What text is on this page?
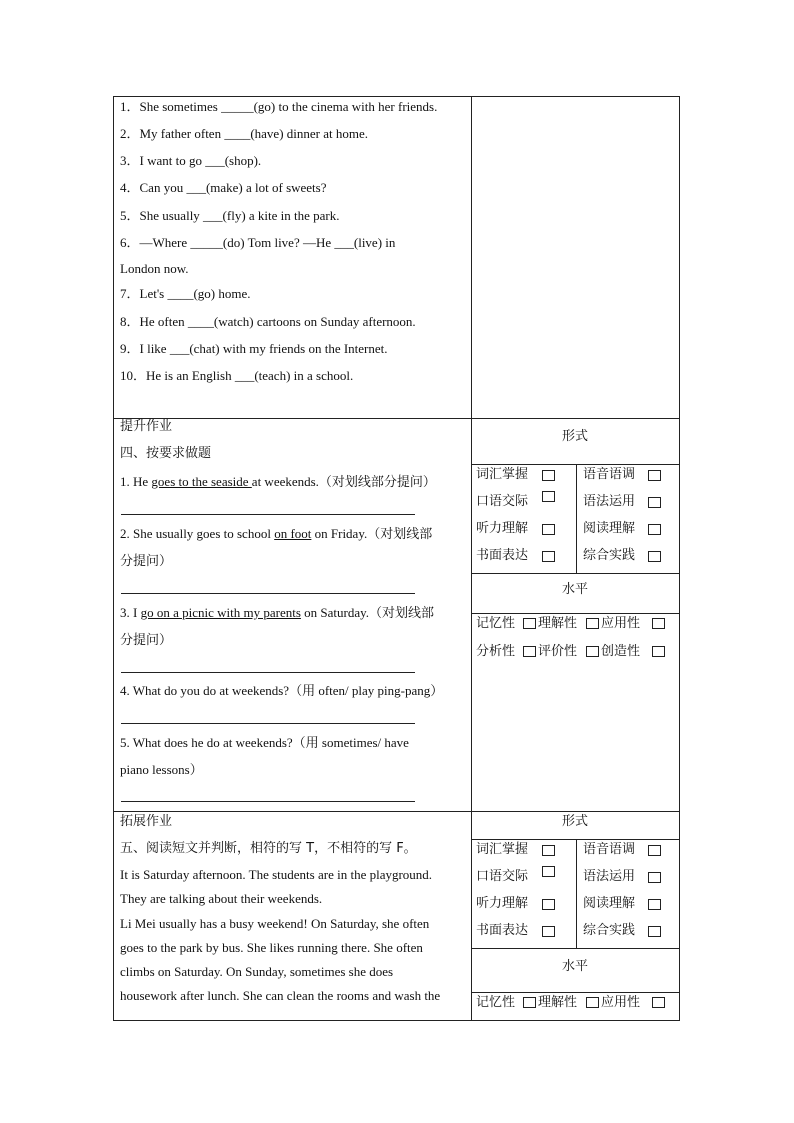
1．She sometimes _____(go) to the cinema with her friends.
2．My father often ____(have) dinner at home.
3．I want to go ___(shop).
4．Can you ___(make) a lot of sweets?
5．She usually ___(fly) a kite in the park.
6．—Where _____(do) Tom live? —He ___(live) in
London now.
7．Let's ____(go) home.
8．He often ____(watch) cartoons on Sunday afternoon.
9．I like ___(chat) with my friends on the Internet.
10．He is an English ___(teach) in a school.
提升作业
四、按要求做题
1. He goes to the seaside at weekends.（对划线部分提问）
2. She usually goes to school on foot on Friday.（对划线部
分提问）
3. I go on a picnic with my parents on Saturday.（对划线部
分提问）
4. What do you do at weekends?（用 often/ play ping-pang）
5. What does he do at weekends?（用 sometimes/ have
piano lessons）
拓展作业
五、阅读短文并判断，相符的写 T，不相符的写 F。
It is Saturday afternoon. The students are in the playground.
They are talking about their weekends.
Li Mei usually has a busy weekend! On Saturday, she often
goes to the park by bus. She likes running there. She often
climbs on Saturday. On Sunday, sometimes she does
housework after lunch. She can clean the rooms and wash the
形式
词汇掌握
口语交际
听力理解
书面表达
语音语调
语法运用
阅读理解
综合实践
水平
记忆性 理解性 应用性
分析性 评价性 创造性
形式
词汇掌握
口语交际
听力理解
书面表达
语音语调
语法运用
阅读理解
综合实践
水平
记忆性 理解性 应用性
